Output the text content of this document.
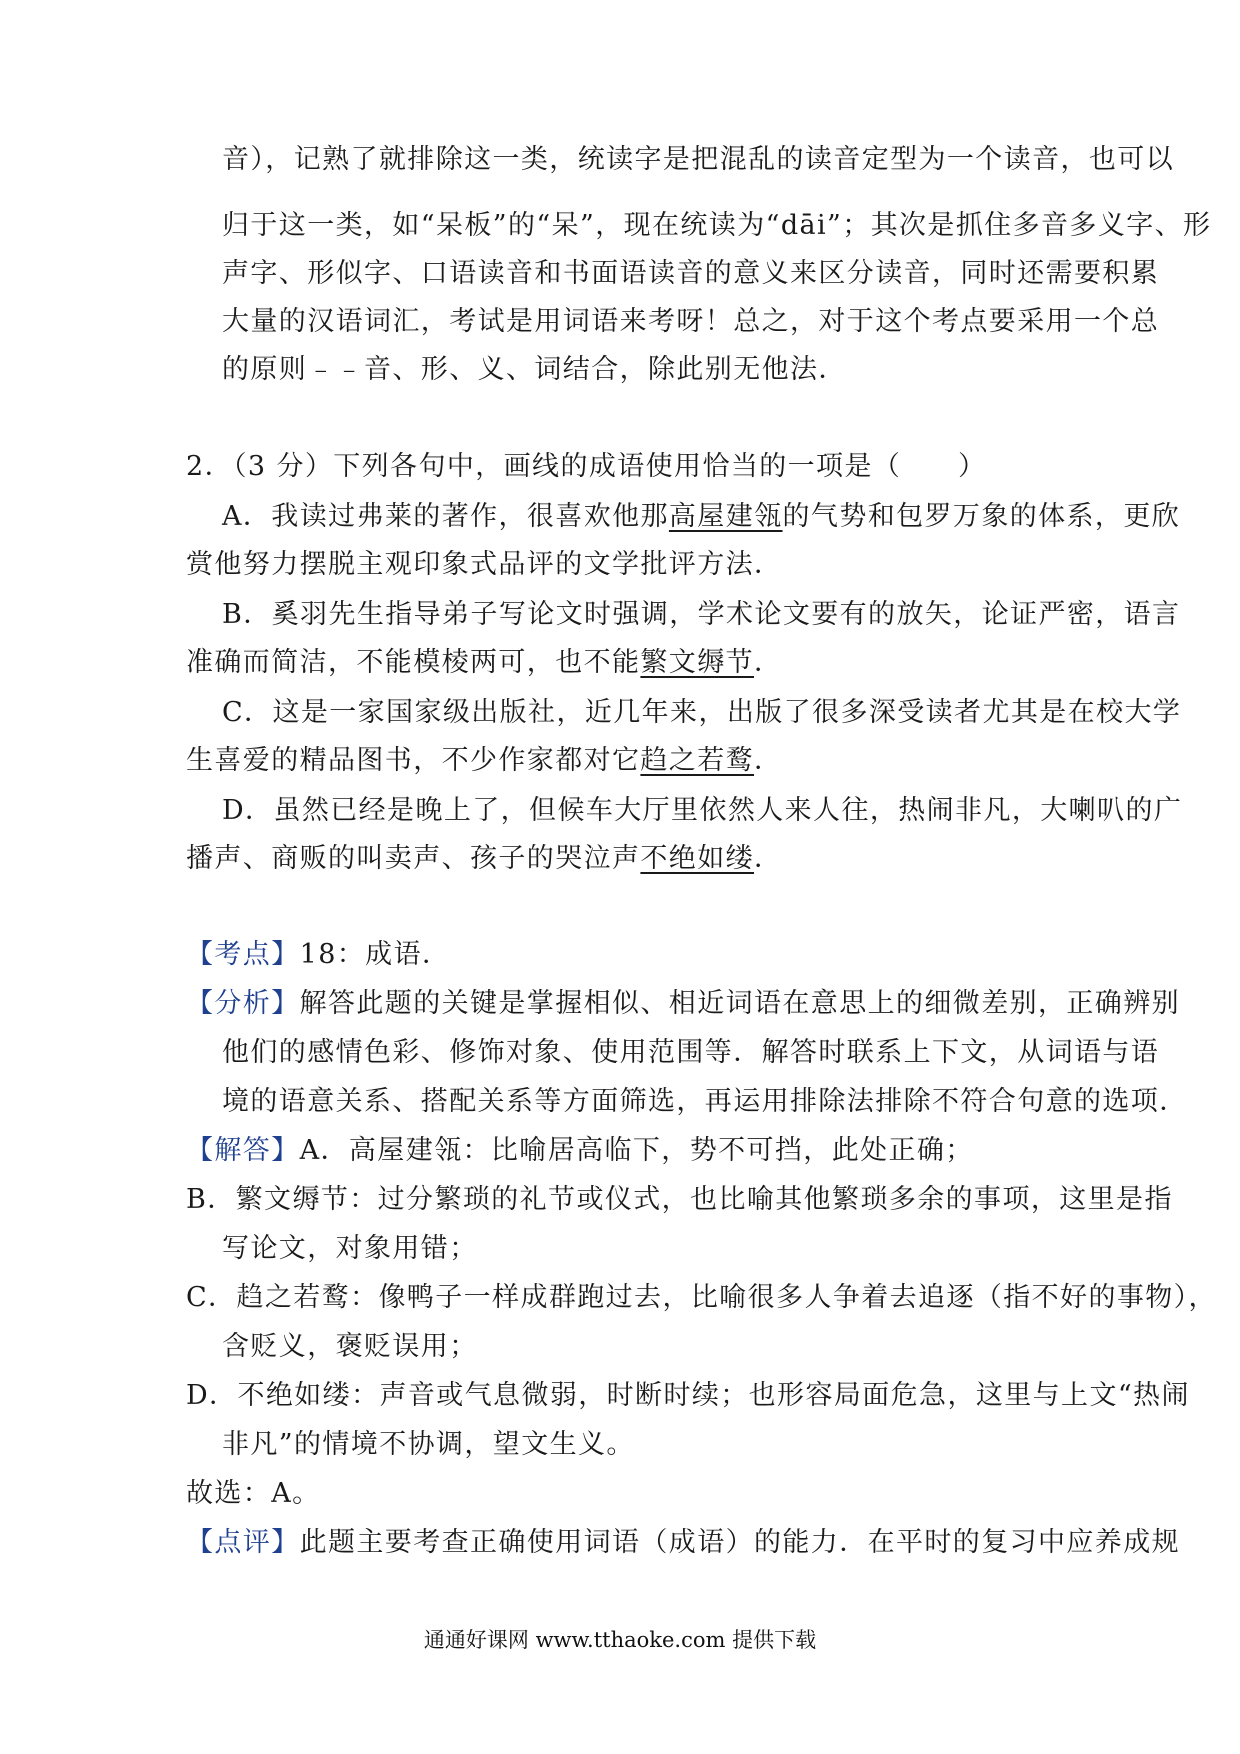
音），记熟了就排除这一类，统读字是把混乱的读音定型为一个读音，也可以
归于这一类，如“呆板”的“呆”，现在统读为“dāi”；其次是抓住多音多义字、形
声字、形似字、口语读音和书面语读音的意义来区分读音，同时还需要积累
大量的汉语词汇，考试是用词语来考呀！总之，对于这个考点要采用一个总
的原则﹣﹣音、形、义、词结合，除此别无他法．
2．（3 分）下列各句中，画线的成语使用恰当的一项是（　　）
A．我读过弗莱的著作，很喜欢他那高屋建瓴的气势和包罗万象的体系，更欣
赏他努力摆脱主观印象式品评的文学批评方法．
B．奚羽先生指导弟子写论文时强调，学术论文要有的放矢，论证严密，语言
准确而简洁，不能模棱两可，也不能繁文缛节．
C．这是一家国家级出版社，近几年来，出版了很多深受读者尤其是在校大学
生喜爱的精品图书，不少作家都对它趋之若鹜．
D．虽然已经是晚上了，但候车大厅里依然人来人往，热闹非凡，大喇叭的广
播声、商贩的叫卖声、孩子的哭泣声不绝如缕．
【考点】18：成语．
【分析】解答此题的关键是掌握相似、相近词语在意思上的细微差别，正确辨别
他们的感情色彩、修饰对象、使用范围等．解答时联系上下文，从词语与语
境的语意关系、搭配关系等方面筛选，再运用排除法排除不符合句意的选项．
【解答】A．高屋建瓴：比喻居高临下，势不可挡，此处正确；
B．繁文缛节：过分繁琐的礼节或仪式，也比喻其他繁琐多余的事项，这里是指
写论文，对象用错；
C．趋之若鹜：像鸭子一样成群跑过去，比喻很多人争着去追逐（指不好的事物），
含贬义，褒贬误用；
D．不绝如缕：声音或气息微弱，时断时续；也形容局面危急，这里与上文“热闹
非凡”的情境不协调，望文生义。
故选：A。
【点评】此题主要考查正确使用词语（成语）的能力．在平时的复习中应养成规
通通好课网 www.tthaoke.com 提供下载
